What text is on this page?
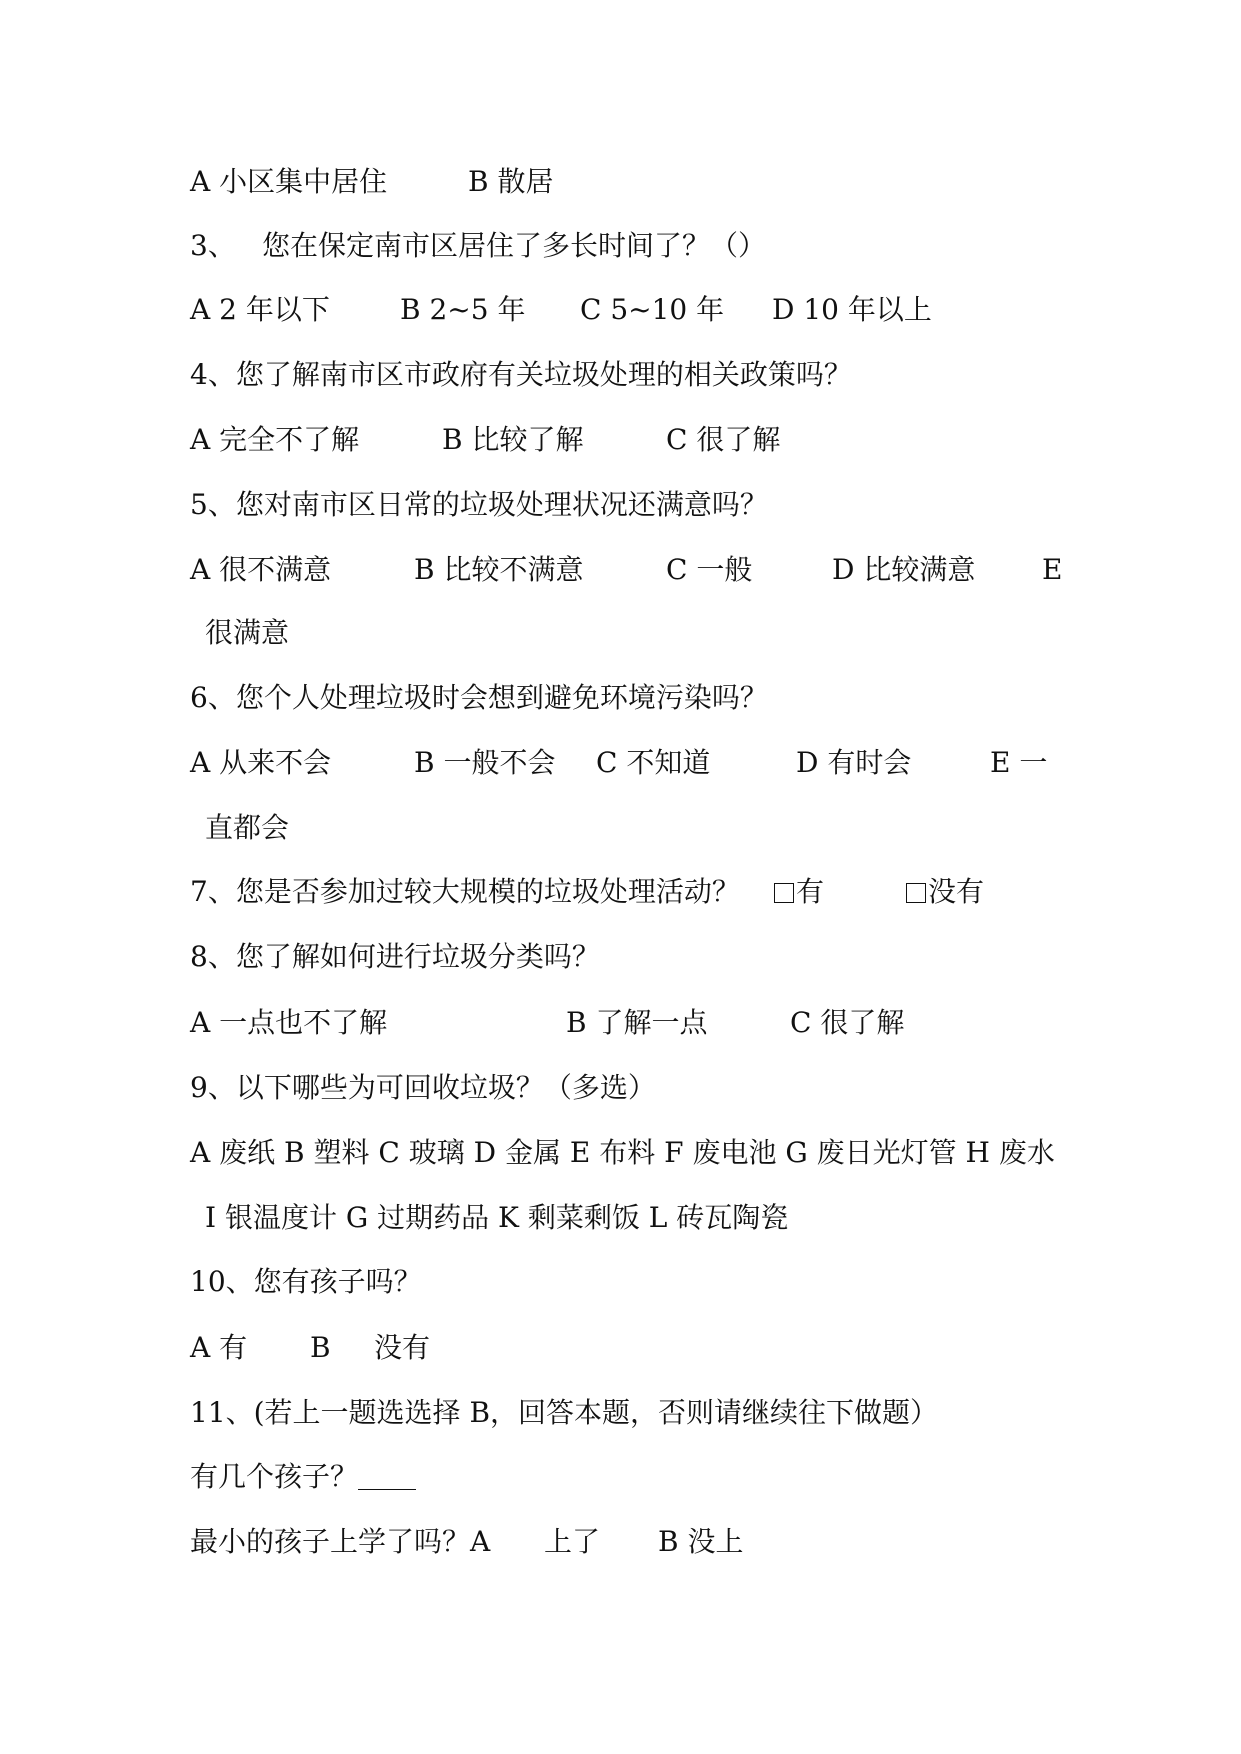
A 小区集中居住	B 散居
3、 您在保定南市区居住了多长时间了？（）
A 2 年以下	B 2~5 年 C 5~10 年 D 10 年以上
4、您了解南市区市政府有关垃圾处理的相关政策吗？
A 完全不了解	B 比较了解	C 很了解
5、您对南市区日常的垃圾处理状况还满意吗？
A 很不满意	B 比较不满意	C 一般	D 比较满意 E
很满意
6、您个人处理垃圾时会想到避免环境污染吗？
A 从来不会	B 一般不会 C 不知道	D 有时会	E 一
直都会
7、您是否参加过较大规模的垃圾处理活动？	有	没有
8、您了解如何进行垃圾分类吗？
A 一点也不了解	B 了解一点	C 很了解
9、以下哪些为可回收垃圾？（多选）
A 废纸 B 塑料 C 玻璃 D 金属 E 布料 F 废电池 G 废日光灯管 H 废水
I 银温度计 G 过期药品 K 剩菜剩饭 L 砖瓦陶瓷
10、您有孩子吗？
A 有 B 没有
11、(若上一题选选择 B，回答本题，否则请继续往下做题）
有几个孩子？
最小的孩子上学了吗？A 上了 B 没上
